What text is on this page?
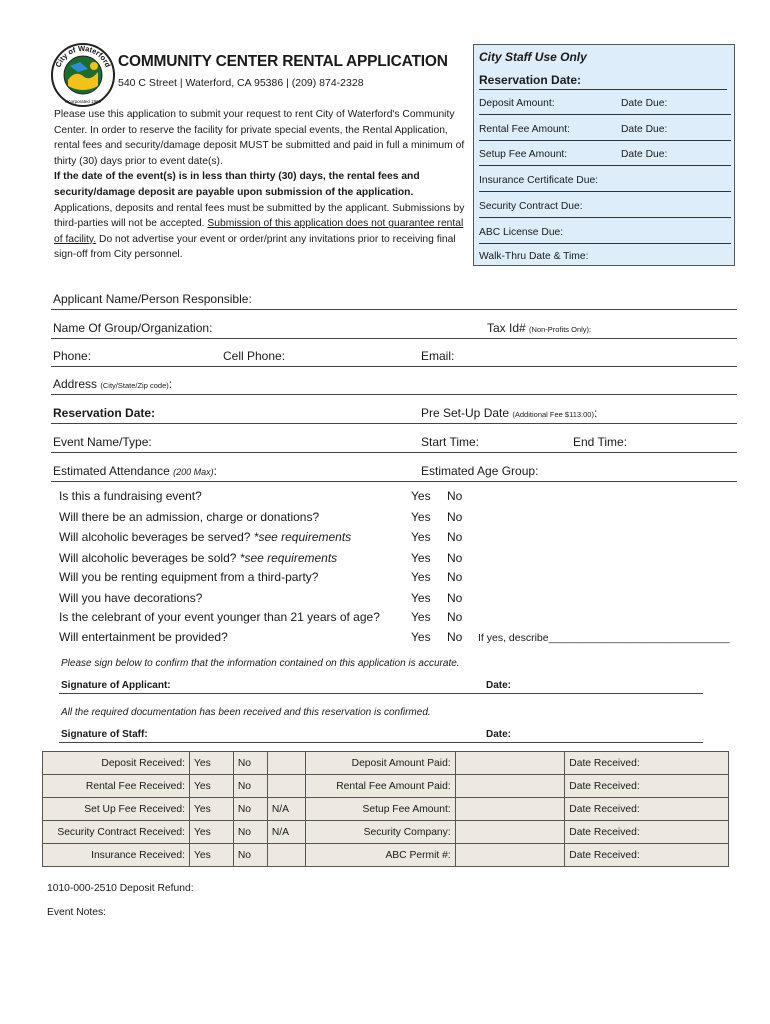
City of Waterford
incorporated 1969
COMMUNITY CENTER RENTAL APPLICATION
540 C Street | Waterford, CA 95386 | (209) 874-2328

Please use this application to submit your request to rent City of Waterford's Community Center. In order to reserve the facility for private special events, the Rental Application, rental fees and security/damage deposit MUST be submitted and paid in full a minimum of thirty (30) days prior to event date(s).

If the date of the event(s) is in less than thirty (30) days, the rental fees and security/damage deposit are payable upon submission of the application. Applications, deposits and rental fees must be submitted by the applicant. Submissions by third-parties will not be accepted. Submission of this application does not guarantee rental of facility. Do not advertise your event or order/print any invitations prior to receiving final sign-off from City personnel.

City Staff Use Only
Reservation Date:
Deposit Amount:	Date Due:
Rental Fee Amount:	Date Due:
Setup Fee Amount:	Date Due:
Insurance Certificate Due:
Security Contract Due:
ABC License Due:
Walk-Thru Date & Time:
Applicant Name/Person Responsible:
Name Of Group/Organization:	Tax Id# (Non-Profits Only):
Phone:	Cell Phone:	Email:
Address (City/State/Zip code):
Reservation Date:	Pre Set-Up Date (Additional Fee $113.00):
Event Name/Type:	Start Time:	End Time:
Estimated Attendance (200 Max):	Estimated Age Group:
Is this a fundraising event?	Yes No
Will there be an admission, charge or donations?	Yes No
Will alcoholic beverages be served? *see requirements	Yes No
Will alcoholic beverages be sold? *see requirements	Yes No
Will you be renting equipment from a third-party?	Yes No
Will you have decorations?	Yes No
Is the celebrant of your event younger than 21 years of age?	Yes No
Will entertainment be provided?	Yes No If yes, describe_______________________________
Please sign below to confirm that the information contained on this application is accurate.
Signature of Applicant:	Date:
All the required documentation has been received and this reservation is confirmed.
Signature of Staff:	Date:
Deposit Received:	Yes	No		Deposit Amount Paid:		Date Received:
Rental Fee Received:	Yes	No		Rental Fee Amount Paid:		Date Received:
Set Up Fee Received:	Yes	No	N/A	Setup Fee Amount:		Date Received:
Security Contract Received:	Yes	No	N/A	Security Company:		Date Received:
Insurance Received:	Yes	No		ABC Permit #:		Date Received:
1010-000-2510 Deposit Refund:
Event Notes:
